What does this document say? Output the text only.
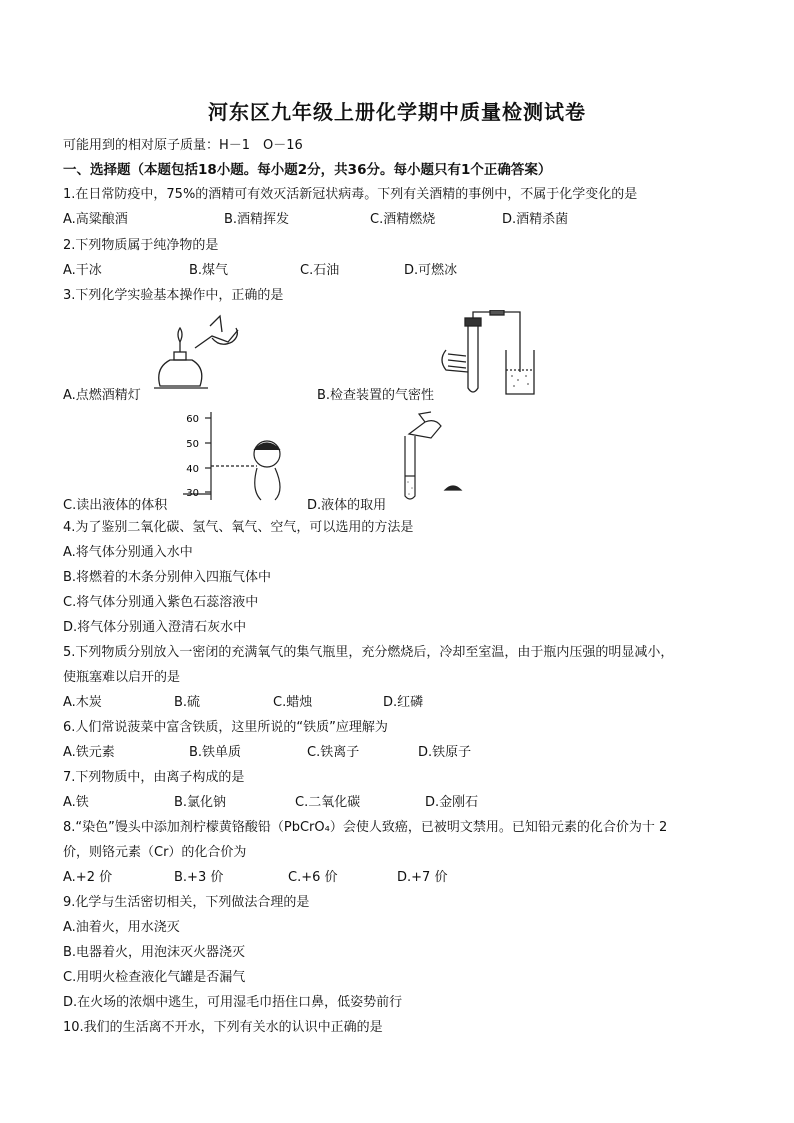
河东区九年级上册化学期中质量检测试卷
可能用到的相对原子质量：H－1　O－16
一、选择题（本题包括18小题。每小题2分，共36分。每小题只有1个正确答案）
1.在日常防疫中，75%的酒精可有效灭活新冠状病毒。下列有关酒精的事例中，不属于化学变化的是
A.高粱酿酒	B.酒精挥发	C.酒精燃烧	D.酒精杀菌
2.下列物质属于纯净物的是
A.干冰	B.煤气	C.石油	D.可燃冰
3.下列化学实验基本操作中，正确的是
A.点燃酒精灯	B.检查装置的气密性
60
50
40
30
C.读出液体的体积	D.液体的取用
4.为了鉴别二氧化碳、氢气、氧气、空气，可以选用的方法是
A.将气体分别通入水中
B.将燃着的木条分别伸入四瓶气体中
C.将气体分别通入紫色石蕊溶液中
D.将气体分别通入澄清石灰水中
5.下列物质分别放入一密闭的充满氧气的集气瓶里，充分燃烧后，冷却至室温，由于瓶内压强的明显减小，
使瓶塞难以启开的是
A.木炭	B.硫	C.蜡烛	D.红磷
6.人们常说菠菜中富含铁质，这里所说的“铁质”应理解为
A.铁元素	B.铁单质	C.铁离子	D.铁原子
7.下列物质中，由离子构成的是
A.铁	B.氯化钠	C.二氧化碳	D.金刚石
8.“染色”馒头中添加剂柠檬黄铬酸铅（PbCrO₄）会使人致癌，已被明文禁用。已知铅元素的化合价为十 2
价，则铬元素（Cr）的化合价为
A.+2 价	B.+3 价	C.+6 价	D.+7 价
9.化学与生活密切相关，下列做法合理的是
A.油着火，用水浇灭
B.电器着火，用泡沫灭火器浇灭
C.用明火检查液化气罐是否漏气
D.在火场的浓烟中逃生，可用湿毛巾捂住口鼻，低姿势前行
10.我们的生活离不开水，下列有关水的认识中正确的是
